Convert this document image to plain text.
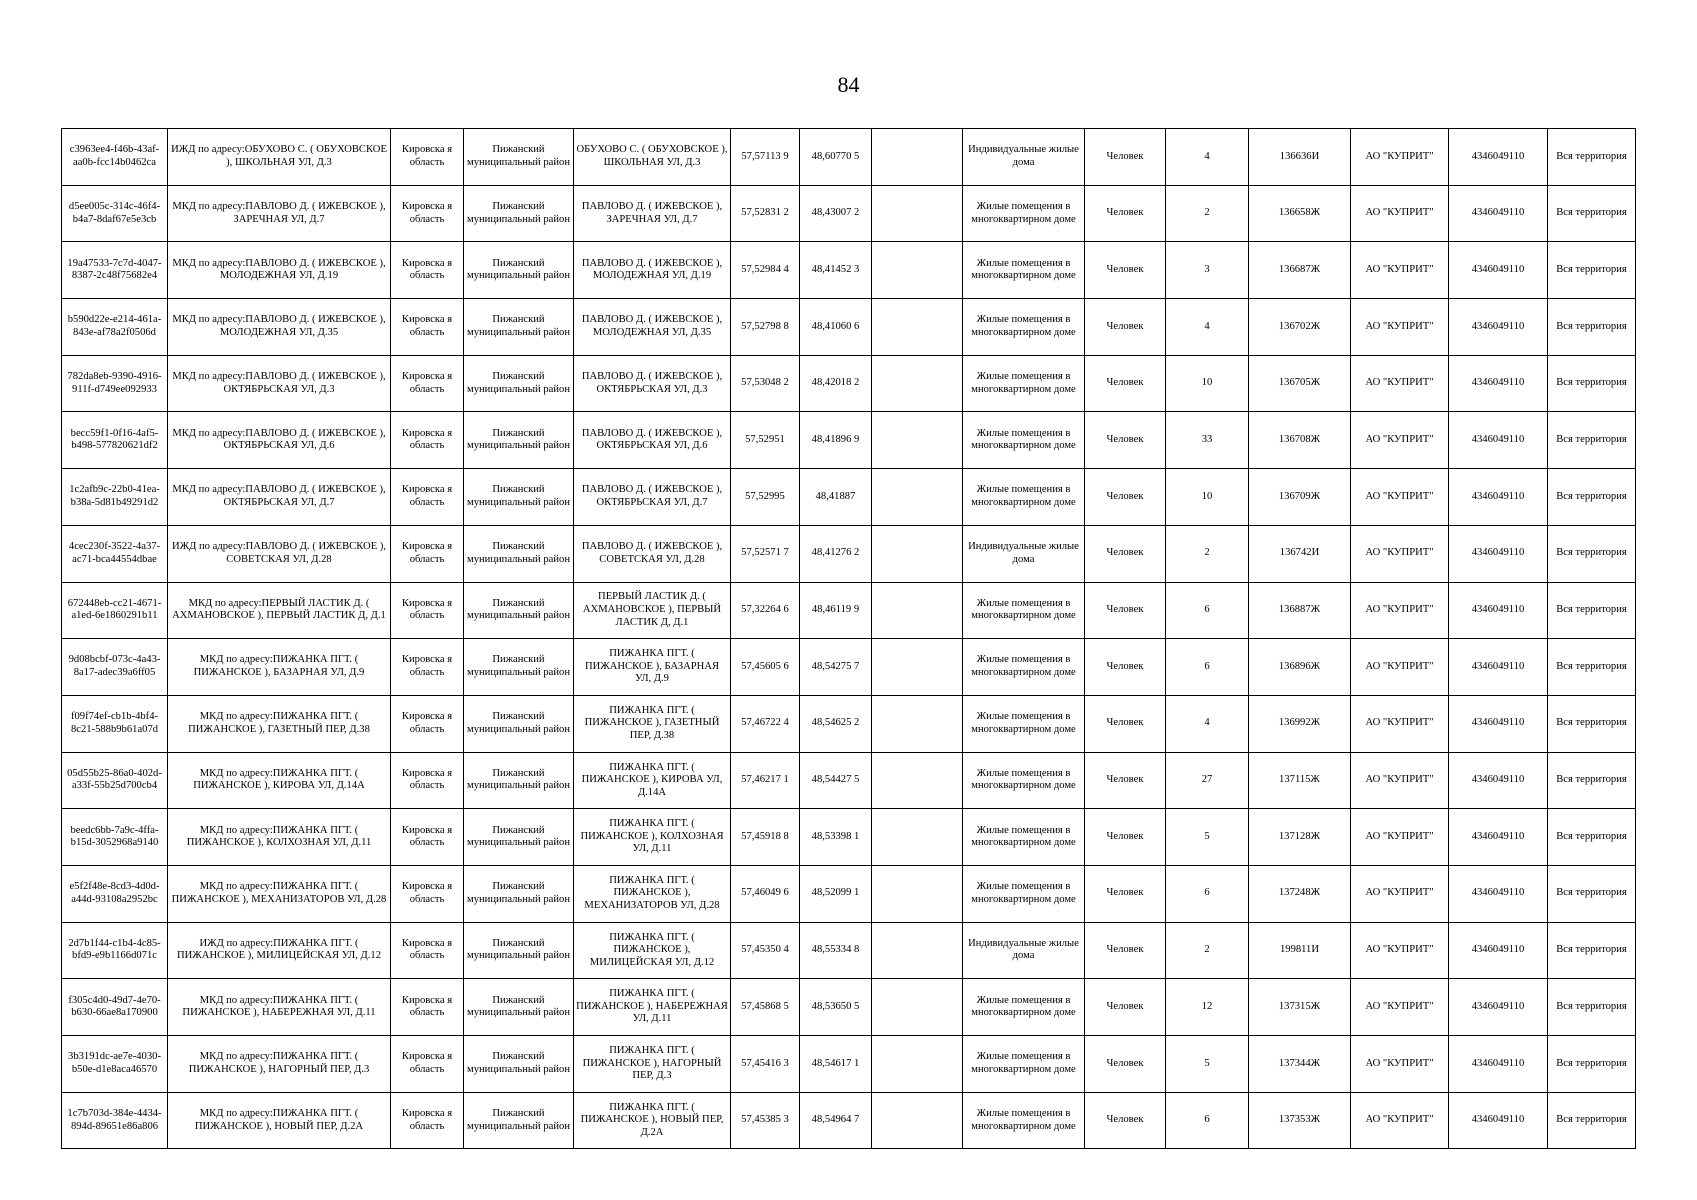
84
c3963ee4-f46b-43af-aa0b-fcc14b0462ca	ИЖД по адресу:ОБУХОВО С. ( ОБУХОВСКОЕ ), ШКОЛЬНАЯ УЛ, Д.3	Кировска я область	Пижанский муниципальный район	ОБУХОВО С. ( ОБУХОВСКОЕ ), ШКОЛЬНАЯ УЛ, Д.3	57,57113 9	48,60770 5		Индивидуальные жилые дома	Человек	4	136636И	АО "КУПРИТ"	4346049110	Вся территория
d5ee005c-314c-46f4-b4a7-8daf67e5e3cb	МКД по адресу:ПАВЛОВО Д. ( ИЖЕВСКОЕ ), ЗАРЕЧНАЯ УЛ, Д.7	Кировска я область	Пижанский муниципальный район	ПАВЛОВО Д. ( ИЖЕВСКОЕ ), ЗАРЕЧНАЯ УЛ, Д.7	57,52831 2	48,43007 2		Жилые помещения в многоквартирном доме	Человек	2	136658Ж	АО "КУПРИТ"	4346049110	Вся территория
19a47533-7c7d-4047-8387-2c48f75682e4	МКД по адресу:ПАВЛОВО Д. ( ИЖЕВСКОЕ ), МОЛОДЕЖНАЯ УЛ, Д.19	Кировска я область	Пижанский муниципальный район	ПАВЛОВО Д. ( ИЖЕВСКОЕ ), МОЛОДЕЖНАЯ УЛ, Д.19	57,52984 4	48,41452 3		Жилые помещения в многоквартирном доме	Человек	3	136687Ж	АО "КУПРИТ"	4346049110	Вся территория
b590d22e-e214-461a-843e-af78a2f0506d	МКД по адресу:ПАВЛОВО Д. ( ИЖЕВСКОЕ ), МОЛОДЕЖНАЯ УЛ, Д.35	Кировска я область	Пижанский муниципальный район	ПАВЛОВО Д. ( ИЖЕВСКОЕ ), МОЛОДЕЖНАЯ УЛ, Д.35	57,52798 8	48,41060 6		Жилые помещения в многоквартирном доме	Человек	4	136702Ж	АО "КУПРИТ"	4346049110	Вся территория
782da8eb-9390-4916-911f-d749ee092933	МКД по адресу:ПАВЛОВО Д. ( ИЖЕВСКОЕ ), ОКТЯБРЬСКАЯ УЛ, Д.3	Кировска я область	Пижанский муниципальный район	ПАВЛОВО Д. ( ИЖЕВСКОЕ ), ОКТЯБРЬСКАЯ УЛ, Д.3	57,53048 2	48,42018 2		Жилые помещения в многоквартирном доме	Человек	10	136705Ж	АО "КУПРИТ"	4346049110	Вся территория
becc59f1-0f16-4af5-b498-577820621df2	МКД по адресу:ПАВЛОВО Д. ( ИЖЕВСКОЕ ), ОКТЯБРЬСКАЯ УЛ, Д.6	Кировска я область	Пижанский муниципальный район	ПАВЛОВО Д. ( ИЖЕВСКОЕ ), ОКТЯБРЬСКАЯ УЛ, Д.6	57,52951	48,41896 9		Жилые помещения в многоквартирном доме	Человек	33	136708Ж	АО "КУПРИТ"	4346049110	Вся территория
1c2afb9c-22b0-41ea-b38a-5d81b49291d2	МКД по адресу:ПАВЛОВО Д. ( ИЖЕВСКОЕ ), ОКТЯБРЬСКАЯ УЛ, Д.7	Кировска я область	Пижанский муниципальный район	ПАВЛОВО Д. ( ИЖЕВСКОЕ ), ОКТЯБРЬСКАЯ УЛ, Д.7	57,52995	48,41887		Жилые помещения в многоквартирном доме	Человек	10	136709Ж	АО "КУПРИТ"	4346049110	Вся территория
4cec230f-3522-4a37-ac71-bca44554dbae	ИЖД по адресу:ПАВЛОВО Д. ( ИЖЕВСКОЕ ), СОВЕТСКАЯ УЛ, Д.28	Кировска я область	Пижанский муниципальный район	ПАВЛОВО Д. ( ИЖЕВСКОЕ ), СОВЕТСКАЯ УЛ, Д.28	57,52571 7	48,41276 2		Индивидуальные жилые дома	Человек	2	136742И	АО "КУПРИТ"	4346049110	Вся территория
672448eb-cc21-4671-a1ed-6e1860291b11	МКД по адресу:ПЕРВЫЙ ЛАСТИК Д. ( АХМАНОВСКОЕ ), ПЕРВЫЙ ЛАСТИК Д, Д.1	Кировска я область	Пижанский муниципальный район	ПЕРВЫЙ ЛАСТИК Д. ( АХМАНОВСКОЕ ), ПЕРВЫЙ ЛАСТИК Д, Д.1	57,32264 6	48,46119 9		Жилые помещения в многоквартирном доме	Человек	6	136887Ж	АО "КУПРИТ"	4346049110	Вся территория
9d08bcbf-073c-4a43-8a17-adec39a6ff05	МКД по адресу:ПИЖАНКА ПГТ. ( ПИЖАНСКОЕ ), БАЗАРНАЯ УЛ, Д.9	Кировска я область	Пижанский муниципальный район	ПИЖАНКА ПГТ. ( ПИЖАНСКОЕ ), БАЗАРНАЯ УЛ, Д.9	57,45605 6	48,54275 7		Жилые помещения в многоквартирном доме	Человек	6	136896Ж	АО "КУПРИТ"	4346049110	Вся территория
f09f74ef-cb1b-4bf4-8c21-588b9b61a07d	МКД по адресу:ПИЖАНКА ПГТ. ( ПИЖАНСКОЕ ), ГАЗЕТНЫЙ ПЕР, Д.38	Кировска я область	Пижанский муниципальный район	ПИЖАНКА ПГТ. ( ПИЖАНСКОЕ ), ГАЗЕТНЫЙ ПЕР, Д.38	57,46722 4	48,54625 2		Жилые помещения в многоквартирном доме	Человек	4	136992Ж	АО "КУПРИТ"	4346049110	Вся территория
05d55b25-86a0-402d-a33f-55b25d700cb4	МКД по адресу:ПИЖАНКА ПГТ. ( ПИЖАНСКОЕ ), КИРОВА УЛ, Д.14А	Кировска я область	Пижанский муниципальный район	ПИЖАНКА ПГТ. ( ПИЖАНСКОЕ ), КИРОВА УЛ, Д.14А	57,46217 1	48,54427 5		Жилые помещения в многоквартирном доме	Человек	27	137115Ж	АО "КУПРИТ"	4346049110	Вся территория
beedc6bb-7a9c-4ffa-b15d-3052968a9140	МКД по адресу:ПИЖАНКА ПГТ. ( ПИЖАНСКОЕ ), КОЛХОЗНАЯ УЛ, Д.11	Кировска я область	Пижанский муниципальный район	ПИЖАНКА ПГТ. ( ПИЖАНСКОЕ ), КОЛХОЗНАЯ УЛ, Д.11	57,45918 8	48,53398 1		Жилые помещения в многоквартирном доме	Человек	5	137128Ж	АО "КУПРИТ"	4346049110	Вся территория
e5f2f48e-8cd3-4d0d-a44d-93108a2952bc	МКД по адресу:ПИЖАНКА ПГТ. ( ПИЖАНСКОЕ ), МЕХАНИЗАТОРОВ УЛ, Д.28	Кировска я область	Пижанский муниципальный район	ПИЖАНКА ПГТ. ( ПИЖАНСКОЕ ), МЕХАНИЗАТОРОВ УЛ, Д.28	57,46049 6	48,52099 1		Жилые помещения в многоквартирном доме	Человек	6	137248Ж	АО "КУПРИТ"	4346049110	Вся территория
2d7b1f44-c1b4-4c85-bfd9-e9b1166d071c	ИЖД по адресу:ПИЖАНКА ПГТ. ( ПИЖАНСКОЕ ), МИЛИЦЕЙСКАЯ УЛ, Д.12	Кировска я область	Пижанский муниципальный район	ПИЖАНКА ПГТ. ( ПИЖАНСКОЕ ), МИЛИЦЕЙСКАЯ УЛ, Д.12	57,45350 4	48,55334 8		Индивидуальные жилые дома	Человек	2	199811И	АО "КУПРИТ"	4346049110	Вся территория
f305c4d0-49d7-4e70-b630-66ae8a170900	МКД по адресу:ПИЖАНКА ПГТ. ( ПИЖАНСКОЕ ), НАБЕРЕЖНАЯ УЛ, Д.11	Кировска я область	Пижанский муниципальный район	ПИЖАНКА ПГТ. ( ПИЖАНСКОЕ ), НАБЕРЕЖНАЯ УЛ, Д.11	57,45868 5	48,53650 5		Жилые помещения в многоквартирном доме	Человек	12	137315Ж	АО "КУПРИТ"	4346049110	Вся территория
3b3191dc-ae7e-4030-b50e-d1e8aca46570	МКД по адресу:ПИЖАНКА ПГТ. ( ПИЖАНСКОЕ ), НАГОРНЫЙ ПЕР, Д.3	Кировска я область	Пижанский муниципальный район	ПИЖАНКА ПГТ. ( ПИЖАНСКОЕ ), НАГОРНЫЙ ПЕР, Д.3	57,45416 3	48,54617 1		Жилые помещения в многоквартирном доме	Человек	5	137344Ж	АО "КУПРИТ"	4346049110	Вся территория
1c7b703d-384e-4434-894d-89651e86a806	МКД по адресу:ПИЖАНКА ПГТ. ( ПИЖАНСКОЕ ), НОВЫЙ ПЕР, Д.2А	Кировска я область	Пижанский муниципальный район	ПИЖАНКА ПГТ. ( ПИЖАНСКОЕ ), НОВЫЙ ПЕР, Д.2А	57,45385 3	48,54964 7		Жилые помещения в многоквартирном доме	Человек	6	137353Ж	АО "КУПРИТ"	4346049110	Вся территория
